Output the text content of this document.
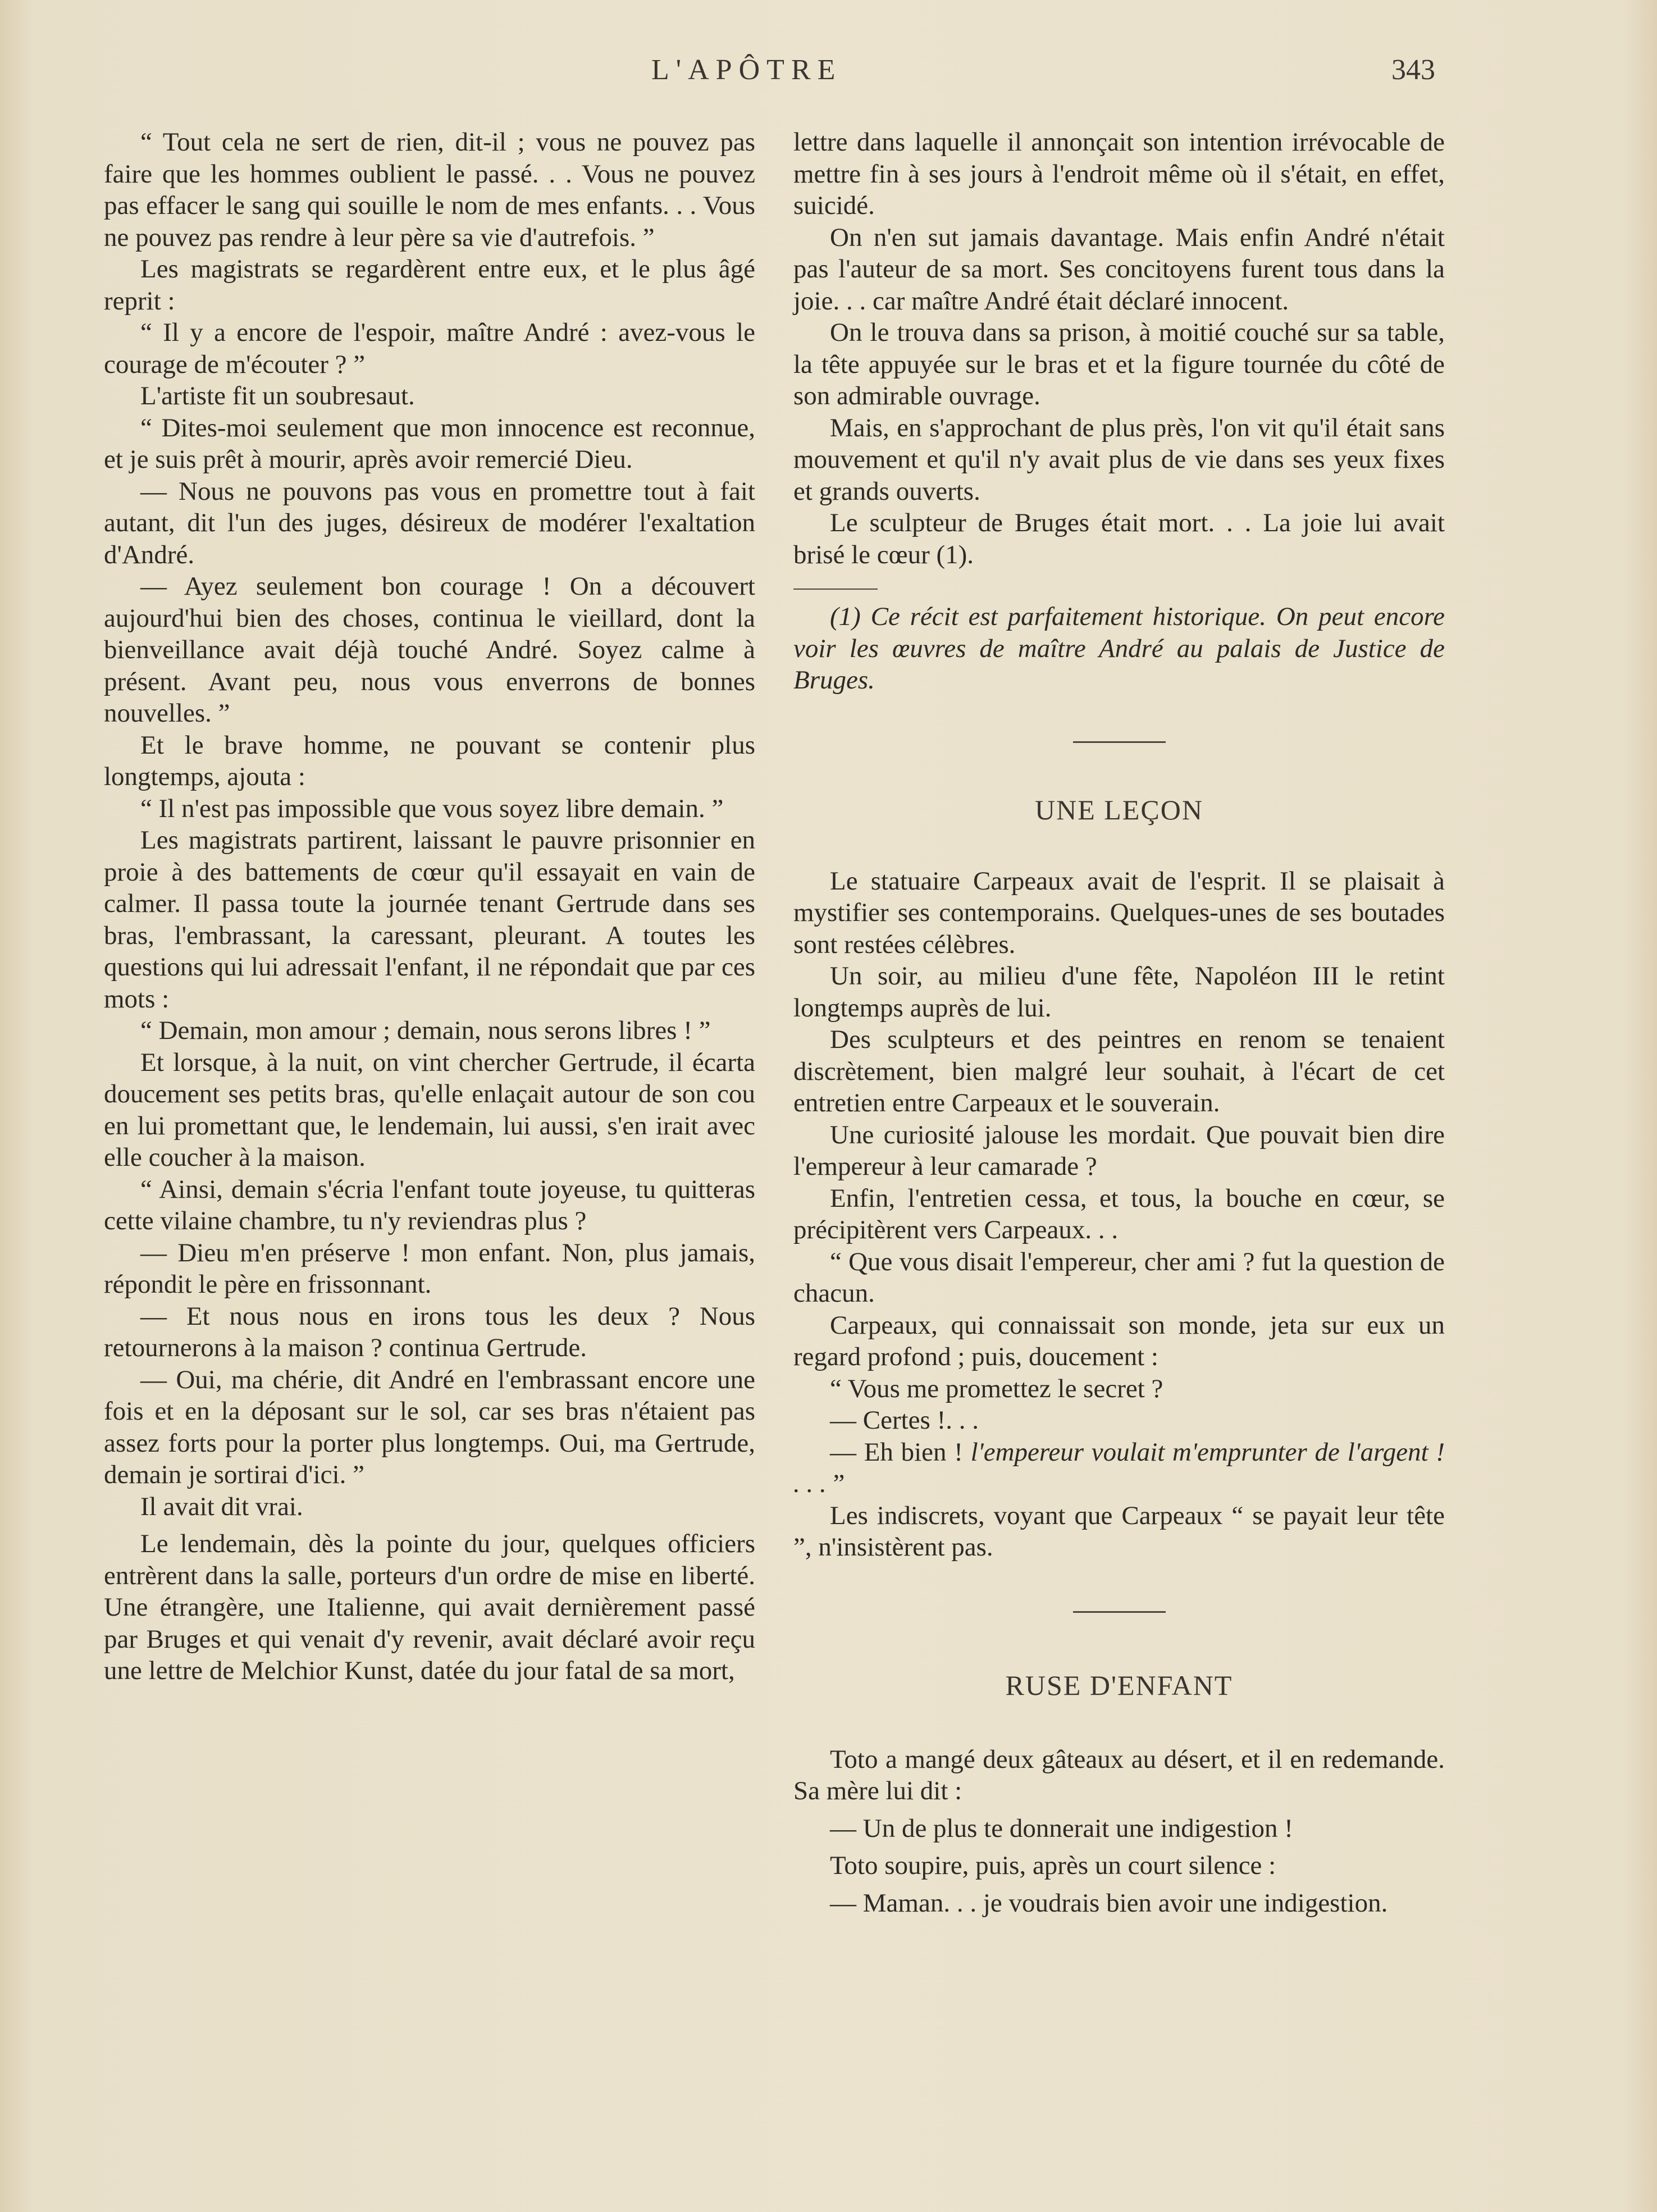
L'APÔTRE	343

“ Tout cela ne sert de rien, dit-il ; vous ne pouvez pas faire que les hommes oublient le passé. . . Vous ne pouvez pas effacer le sang qui souille le nom de mes enfants. . . Vous ne pouvez pas rendre à leur père sa vie d'autrefois. ”

Les magistrats se regardèrent entre eux, et le plus âgé reprit :

“ Il y a encore de l'espoir, maître André : avez-vous le courage de m'écouter ? ”

L'artiste fit un soubresaut.

“ Dites-moi seulement que mon innocence est reconnue, et je suis prêt à mourir, après avoir remercié Dieu.

— Nous ne pouvons pas vous en promettre tout à fait autant, dit l'un des juges, désireux de modérer l'exaltation d'André.

— Ayez seulement bon courage ! On a découvert aujourd'hui bien des choses, continua le vieillard, dont la bienveillance avait déjà touché André. Soyez calme à présent. Avant peu, nous vous enverrons de bonnes nouvelles. ”

Et le brave homme, ne pouvant se contenir plus longtemps, ajouta :

“ Il n'est pas impossible que vous soyez libre demain. ”

Les magistrats partirent, laissant le pauvre prisonnier en proie à des battements de cœur qu'il essayait en vain de calmer. Il passa toute la journée tenant Gertrude dans ses bras, l'embrassant, la caressant, pleurant. A toutes les questions qui lui adressait l'enfant, il ne répondait que par ces mots :

“ Demain, mon amour ; demain, nous serons libres ! ”

Et lorsque, à la nuit, on vint chercher Gertrude, il écarta doucement ses petits bras, qu'elle enlaçait autour de son cou en lui promettant que, le lendemain, lui aussi, s'en irait avec elle coucher à la maison.

“ Ainsi, demain s'écria l'enfant toute joyeuse, tu quitteras cette vilaine chambre, tu n'y reviendras plus ?

— Dieu m'en préserve ! mon enfant. Non, plus jamais, répondit le père en frissonnant.

— Et nous nous en irons tous les deux ? Nous retournerons à la maison ? continua Gertrude.

— Oui, ma chérie, dit André en l'embrassant encore une fois et en la déposant sur le sol, car ses bras n'étaient pas assez forts pour la porter plus longtemps. Oui, ma Gertrude, demain je sortirai d'ici. ”

Il avait dit vrai.

Le lendemain, dès la pointe du jour, quelques officiers entrèrent dans la salle, porteurs d'un ordre de mise en liberté. Une étrangère, une Italienne, qui avait dernièrement passé par Bruges et qui venait d'y revenir, avait déclaré avoir reçu une lettre de Melchior Kunst, datée du jour fatal de sa mort,

lettre dans laquelle il annonçait son intention irrévocable de mettre fin à ses jours à l'endroit même où il s'était, en effet, suicidé.

On n'en sut jamais davantage. Mais enfin André n'était pas l'auteur de sa mort. Ses concitoyens furent tous dans la joie. . . car maître André était déclaré innocent.

On le trouva dans sa prison, à moitié couché sur sa table, la tête appuyée sur le bras et et la figure tournée du côté de son admirable ouvrage.

Mais, en s'approchant de plus près, l'on vit qu'il était sans mouvement et qu'il n'y avait plus de vie dans ses yeux fixes et grands ouverts.

Le sculpteur de Bruges était mort. . . La joie lui avait brisé le cœur (1).

(1) Ce récit est parfaitement historique. On peut encore voir les œuvres de maître André au palais de Justice de Bruges.

UNE LEÇON

Le statuaire Carpeaux avait de l'esprit. Il se plaisait à mystifier ses contemporains. Quelques-unes de ses boutades sont restées célèbres.

Un soir, au milieu d'une fête, Napoléon III le retint longtemps auprès de lui.

Des sculpteurs et des peintres en renom se tenaient discrètement, bien malgré leur souhait, à l'écart de cet entretien entre Carpeaux et le souverain.

Une curiosité jalouse les mordait. Que pouvait bien dire l'empereur à leur camarade ?

Enfin, l'entretien cessa, et tous, la bouche en cœur, se précipitèrent vers Carpeaux. . .

“ Que vous disait l'empereur, cher ami ? fut la question de chacun.

Carpeaux, qui connaissait son monde, jeta sur eux un regard profond ; puis, doucement :

“ Vous me promettez le secret ?

— Certes !. . .

— Eh bien ! l'empereur voulait m'emprunter de l'argent ! . . . ”

Les indiscrets, voyant que Carpeaux “ se payait leur tête ”, n'insistèrent pas.

RUSE D'ENFANT

Toto a mangé deux gâteaux au désert, et il en redemande. Sa mère lui dit :

— Un de plus te donnerait une indigestion !

Toto soupire, puis, après un court silence :

— Maman. . . je voudrais bien avoir une indigestion.
